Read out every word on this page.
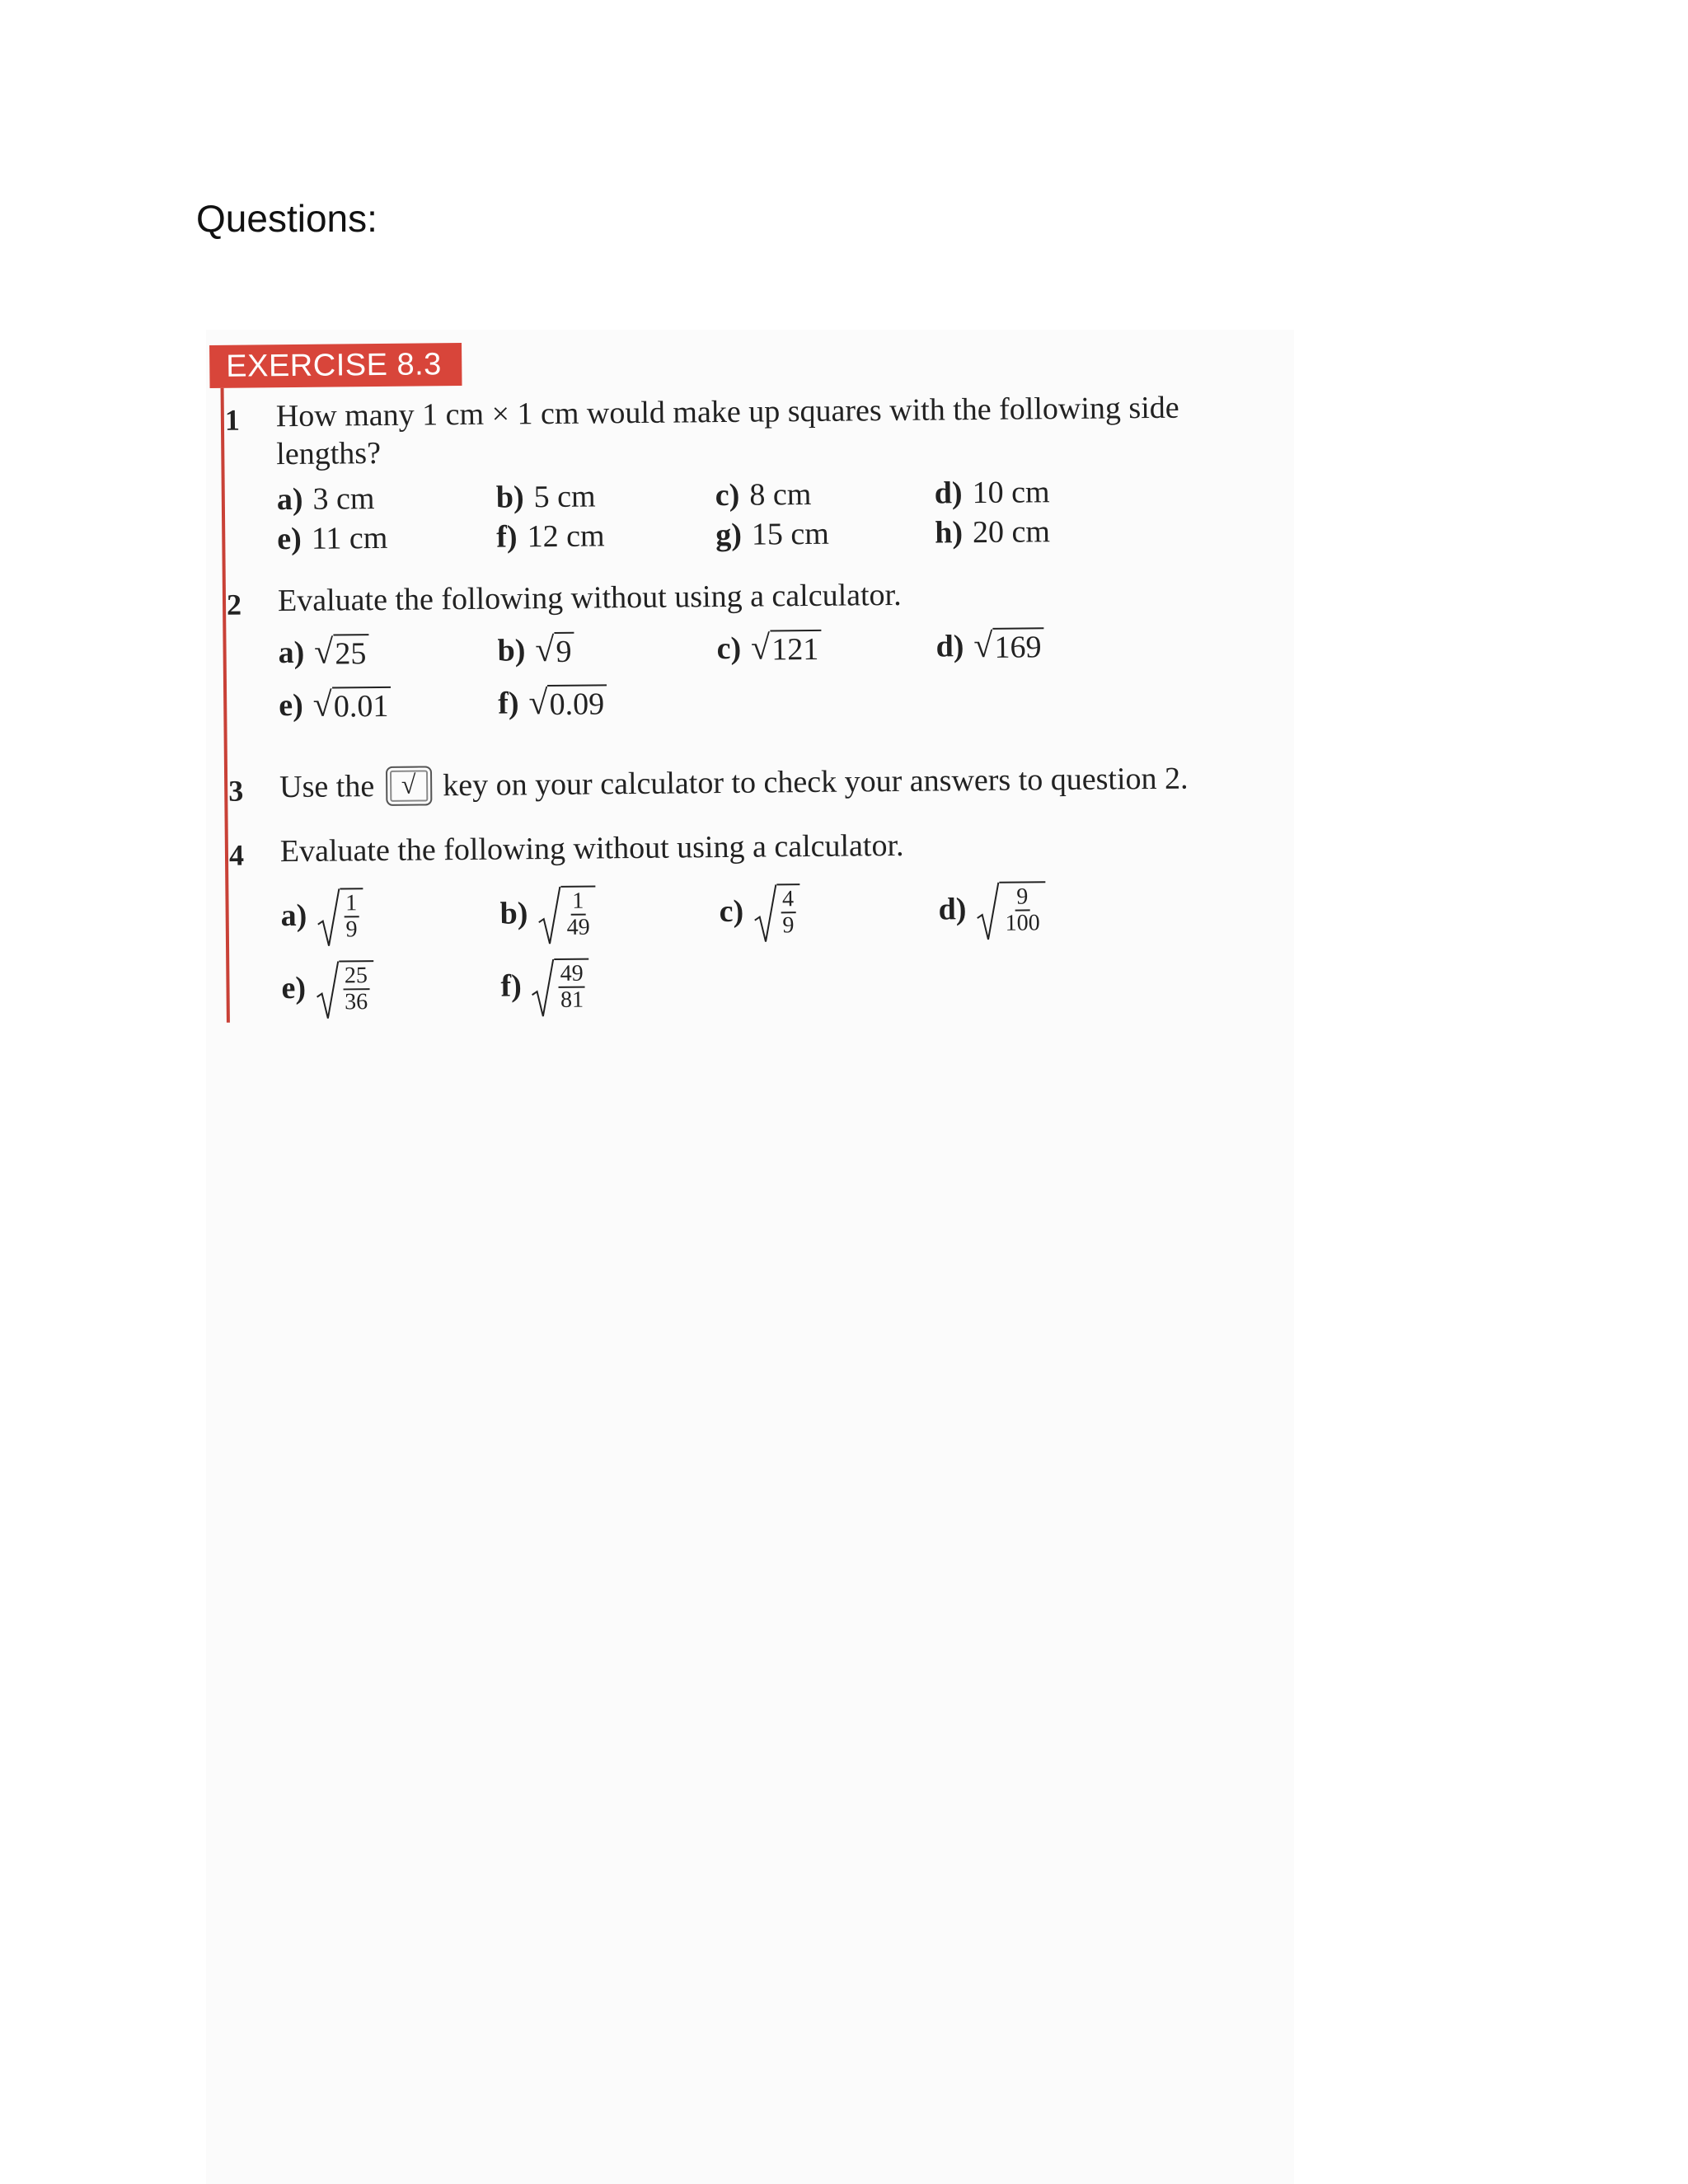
Questions:
EXERCISE 8.3
1 How many 1 cm × 1 cm would make up squares with the following side lengths?
a) 3 cm	b) 5 cm	c) 8 cm	d) 10 cm
e) 11 cm	f) 12 cm	g) 15 cm	h) 20 cm
2 Evaluate the following without using a calculator.
a) √ 25	b) √ 9	c) √ 121	d) √ 169
e) √ 0.01	f) √ 0.09
3 Use the √ key on your calculator to check your answers to question 2.
4 Evaluate the following without using a calculator.
$a) \frac{1}{9}$	$b) \frac{1}{49}$	$c) \frac{4}{9}$	$d) \frac{9}{100}$
$e) \frac{25}{36}$	$f) \frac{49}{81}$
